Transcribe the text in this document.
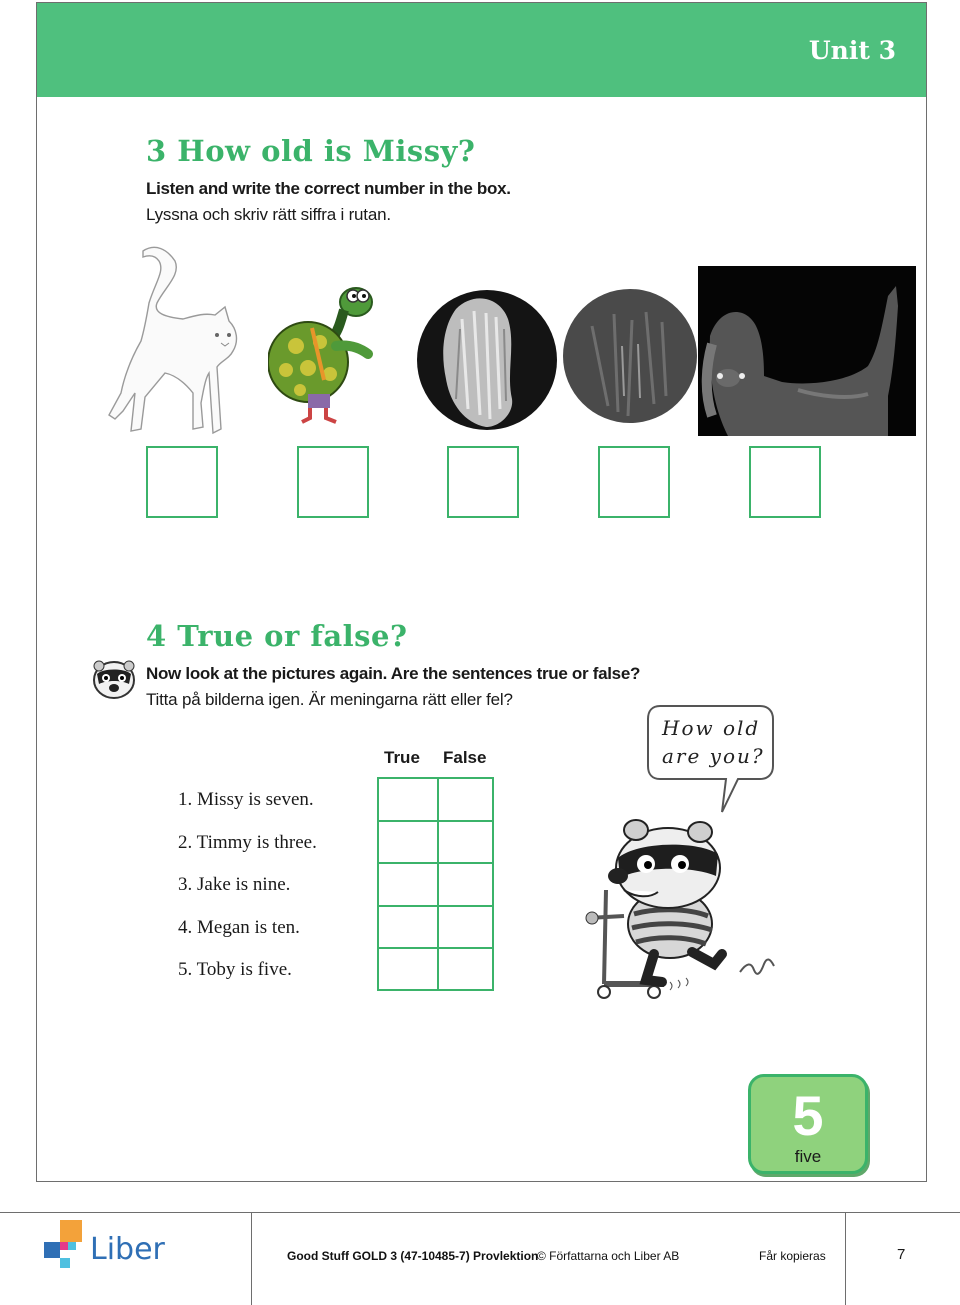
Unit 3
3 How old is Missy?
Listen and write the correct number in the box.
Lyssna och skriv rätt siffra i rutan.
4 True or false?
Now look at the pictures again. Are the sentences true or false?
Titta på bilderna igen. Är meningarna rätt eller fel?
True False
1. Missy is seven.
2. Timmy is three.
3. Jake is nine.
4. Megan is ten.
5. Toby is five.
How old
are you?
5
five
Liber	Good Stuff GOLD 3 (47-10485-7) Provlektion
© Författarna och Liber AB	Får kopieras	7
